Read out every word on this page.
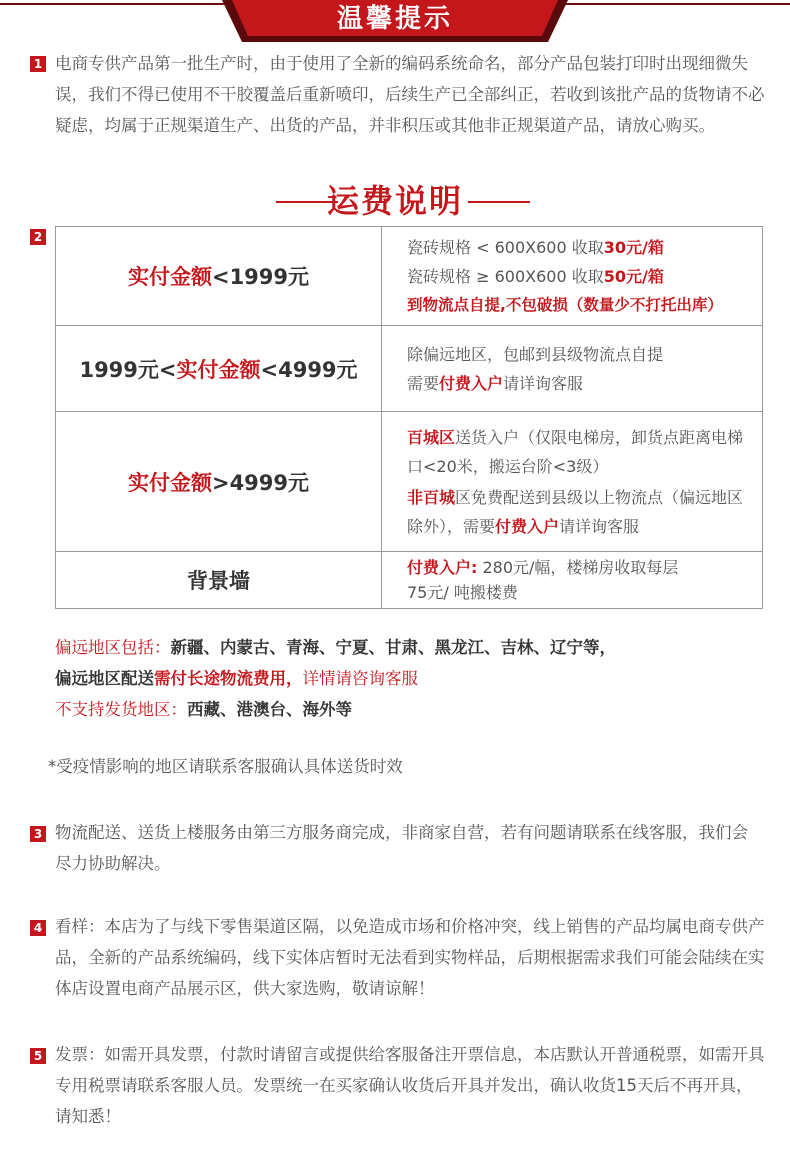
温馨提示
1 电商专供产品第一批生产时，由于使用了全新的编码系统命名，部分产品包装打印时出现细微失误，我们不得已使用不干胶覆盖后重新喷印，后续生产已全部纠正，若收到该批产品的货物请不必疑虑，均属于正规渠道生产、出货的产品，并非积压或其他非正规渠道产品，请放心购买。
运费说明
2
实付金额<1999元	瓷砖规格 < 600X600 收取30元/箱
瓷砖规格 ≥ 600X600 收取50元/箱
到物流点自提,不包破损（数量少不打托出库）

1999元<实付金额<4999元	除偏远地区，包邮到县级物流点自提
需要付费入户请详询客服

实付金额>4999元	百城区送货入户（仅限电梯房，卸货点距离电梯口<20米，搬运台阶<3级）
非百城区免费配送到县级以上物流点（偏远地区除外），需要付费入户请详询客服

背景墙	付费入户: 280元/幅，楼梯房收取每层
75元/ 吨搬楼费
偏远地区包括：新疆、内蒙古、青海、宁夏、甘肃、黑龙江、吉林、辽宁等，
偏远地区配送需付长途物流费用，详情请咨询客服
不支持发货地区：西藏、港澳台、海外等
*受疫情影响的地区请联系客服确认具体送货时效
3 物流配送、送货上楼服务由第三方服务商完成，非商家自营，若有问题请联系在线客服，我们会尽力协助解决。
4 看样：本店为了与线下零售渠道区隔，以免造成市场和价格冲突，线上销售的产品均属电商专供产品，全新的产品系统编码，线下实体店暂时无法看到实物样品，后期根据需求我们可能会陆续在实体店设置电商产品展示区，供大家选购，敬请谅解！
5 发票：如需开具发票，付款时请留言或提供给客服备注开票信息，本店默认开普通税票，如需开具专用税票请联系客服人员。发票统一在买家确认收货后开具并发出，确认收货15天后不再开具，请知悉！
